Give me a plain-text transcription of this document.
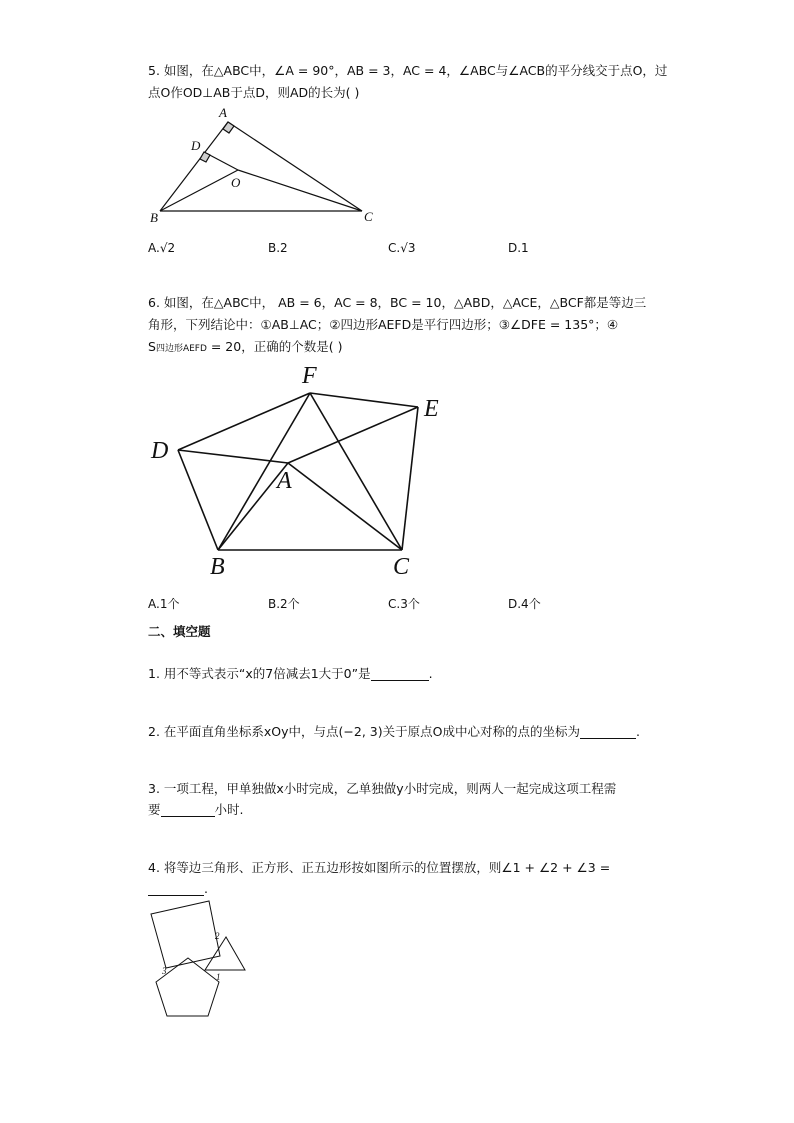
5. 如图，在△ABC中，∠A = 90°，AB = 3，AC = 4，∠ABC与∠ACB的平分线交于点O，过
点O作OD⊥AB于点D，则AD的长为( )
A
D
O
B	C
A.√2	B.2	C.√3	D.1
6. 如图，在△ABC中， AB = 6，AC = 8，BC = 10，△ABD，△ACE，△BCF都是等边三
角形，下列结论中：①AB⊥AC；②四边形AEFD是平行四边形；③∠DFE = 135°；④
S四边形AEFD = 20，正确的个数是( )
F
E
D
A
B	C
A.1个	B.2个	C.3个	D.4个
二、填空题
1. 用不等式表示“x的7倍减去1大于0”是	.
2. 在平面直角坐标系xOy中，与点(−2, 3)关于原点O成中心对称的点的坐标为	.
3. 一项工程，甲单独做x小时完成，乙单独做y小时完成，则两人一起完成这项工程需
要	小时.
4. 将等边三角形、正方形、正五边形按如图所示的位置摆放，则∠1 + ∠2 + ∠3 =
.
2
3
1
